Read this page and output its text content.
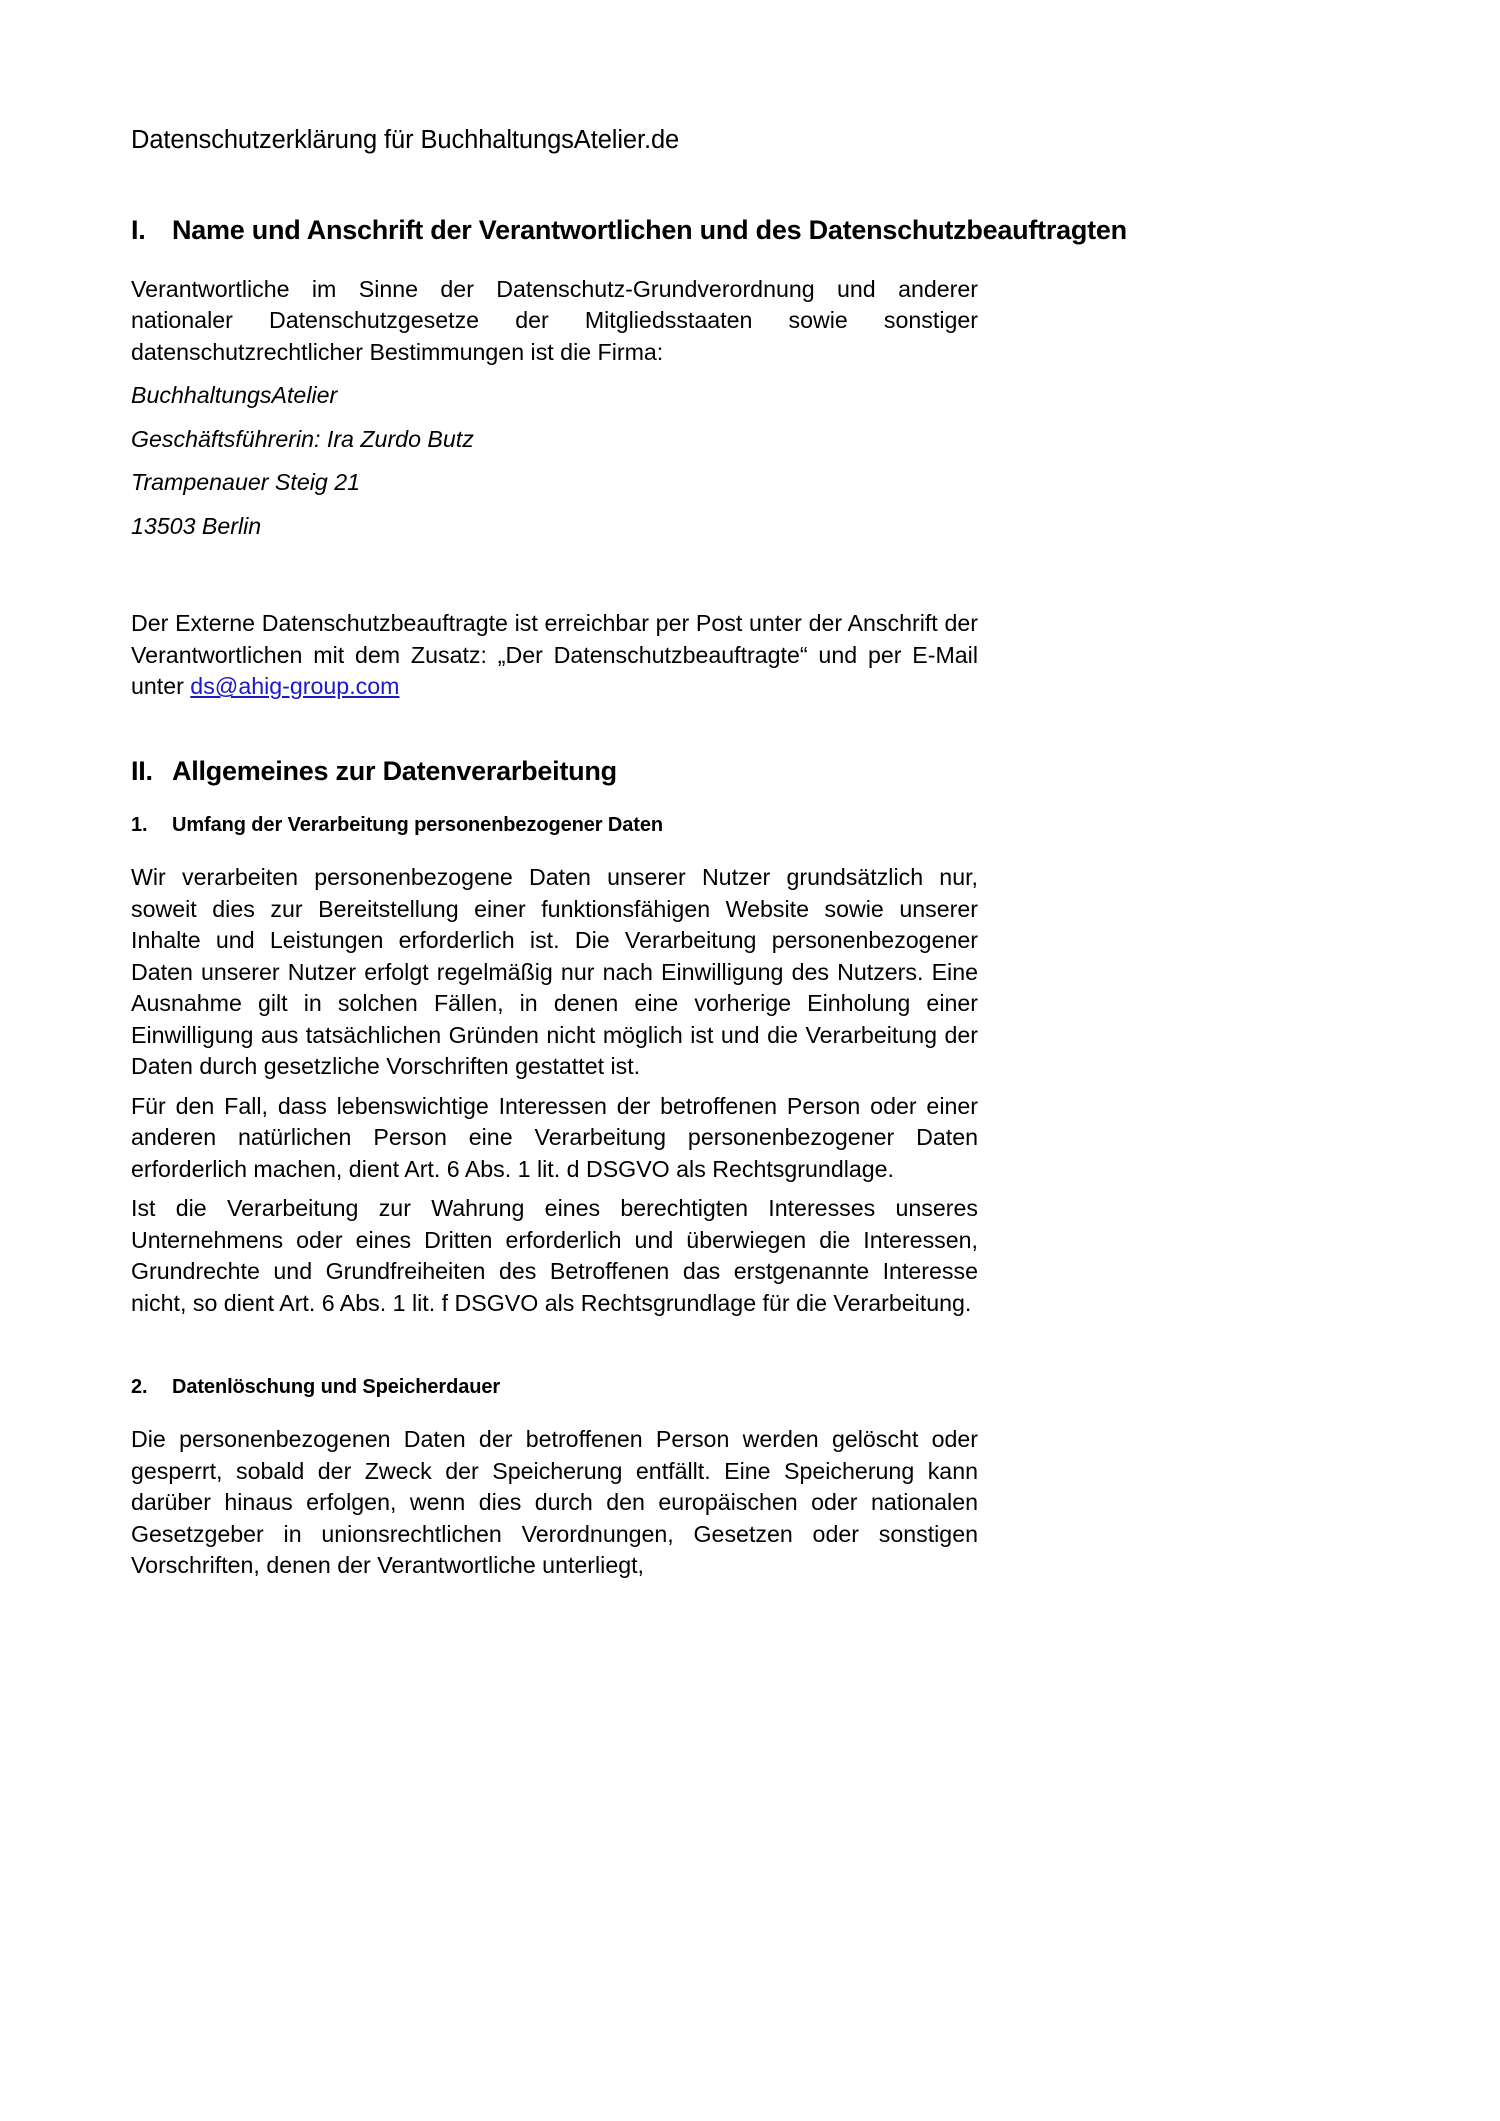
Datenschutzerklärung für BuchhaltungsAtelier.de
I. Name und Anschrift der Verantwortlichen und des Datenschutzbeauftragten

Verantwortliche im Sinne der Datenschutz-Grundverordnung und anderer nationaler Datenschutzgesetze der Mitgliedsstaaten sowie sonstiger datenschutzrechtlicher Bestimmungen ist die Firma:

BuchhaltungsAtelier

Geschäftsführerin: Ira Zurdo Butz

Trampenauer Steig 21

13503 Berlin

Der Externe Datenschutzbeauftragte ist erreichbar per Post unter der Anschrift der Verantwortlichen mit dem Zusatz: „Der Datenschutzbeauftragte“ und per E-Mail unter ds@ahig-group.com

II. Allgemeines zur Datenverarbeitung
1.	Umfang der Verarbeitung personenbezogener Daten

Wir verarbeiten personenbezogene Daten unserer Nutzer grundsätzlich nur, soweit dies zur Bereitstellung einer funktionsfähigen Website sowie unserer Inhalte und Leistungen erforderlich ist. Die Verarbeitung personenbezogener Daten unserer Nutzer erfolgt regelmäßig nur nach Einwilligung des Nutzers. Eine Ausnahme gilt in solchen Fällen, in denen eine vorherige Einholung einer Einwilligung aus tatsächlichen Gründen nicht möglich ist und die Verarbeitung der Daten durch gesetzliche Vorschriften gestattet ist.

Für den Fall, dass lebenswichtige Interessen der betroffenen Person oder einer anderen natürlichen Person eine Verarbeitung personenbezogener Daten erforderlich machen, dient Art. 6 Abs. 1 lit. d DSGVO als Rechtsgrundlage.

Ist die Verarbeitung zur Wahrung eines berechtigten Interesses unseres Unternehmens oder eines Dritten erforderlich und überwiegen die Interessen, Grundrechte und Grundfreiheiten des Betroffenen das erstgenannte Interesse nicht, so dient Art. 6 Abs. 1 lit. f DSGVO als Rechtsgrundlage für die Verarbeitung.

2.	Datenlöschung und Speicherdauer

Die personenbezogenen Daten der betroffenen Person werden gelöscht oder gesperrt, sobald der Zweck der Speicherung entfällt. Eine Speicherung kann darüber hinaus erfolgen, wenn dies durch den europäischen oder nationalen Gesetzgeber in unionsrechtlichen Verordnungen, Gesetzen oder sonstigen Vorschriften, denen der Verantwortliche unterliegt,
